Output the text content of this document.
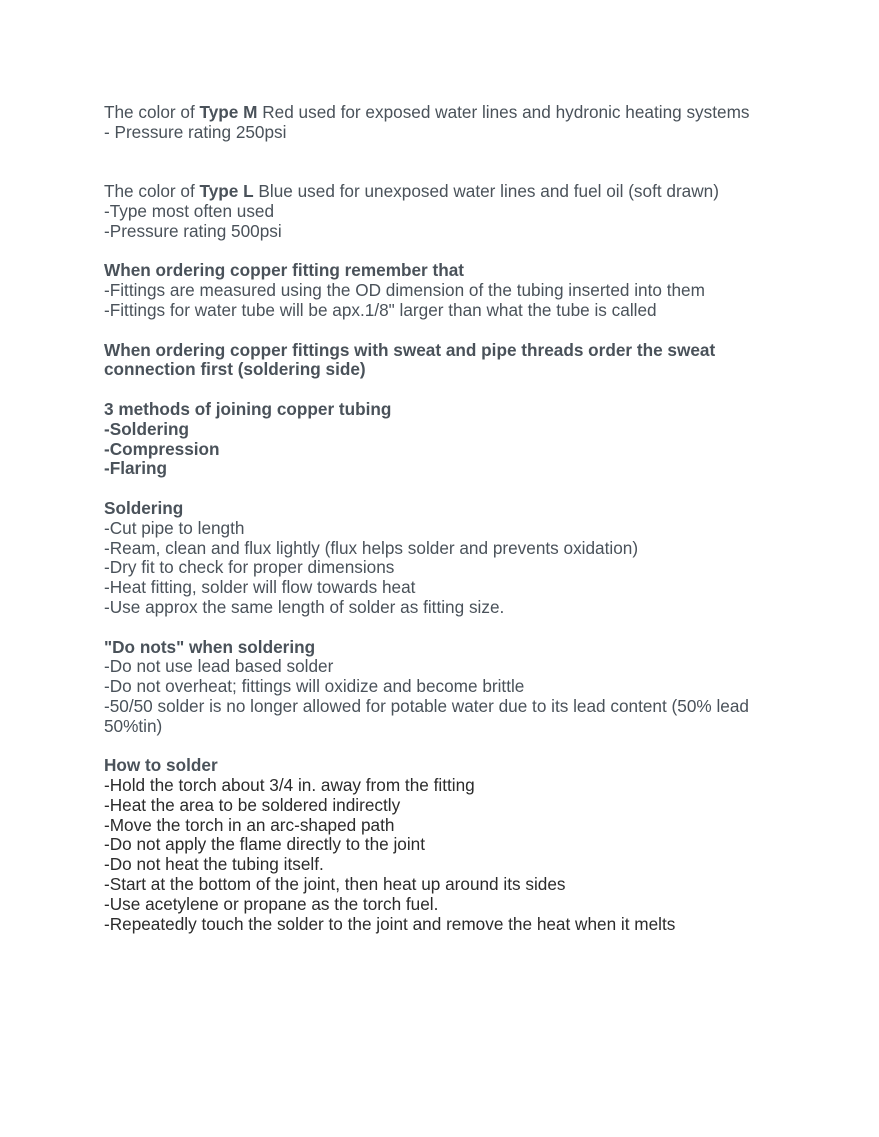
The color of Type M Red used for exposed water lines and hydronic heating systems
- Pressure rating 250psi
The color of Type L Blue used for unexposed water lines and fuel oil (soft drawn)
-Type most often used
-Pressure rating 500psi
When ordering copper fitting remember that
-Fittings are measured using the OD dimension of the tubing inserted into them
-Fittings for water tube will be apx.1/8" larger than what the tube is called
When ordering copper fittings with sweat and pipe threads order the sweat connection first (soldering side)
3 methods of joining copper tubing
-Soldering
-Compression
-Flaring
Soldering
-Cut pipe to length
-Ream, clean and flux lightly (flux helps solder and prevents oxidation)
-Dry fit to check for proper dimensions
-Heat fitting, solder will flow towards heat
-Use approx the same length of solder as fitting size.
"Do nots" when soldering
-Do not use lead based solder
-Do not overheat; fittings will oxidize and become brittle
-50/50 solder is no longer allowed for potable water due to its lead content (50% lead 50%tin)
How to solder
-Hold the torch about 3/4 in. away from the fitting
-Heat the area to be soldered indirectly
-Move the torch in an arc-shaped path
-Do not apply the flame directly to the joint
-Do not heat the tubing itself.
-Start at the bottom of the joint, then heat up around its sides
-Use acetylene or propane as the torch fuel.
-Repeatedly touch the solder to the joint and remove the heat when it melts
